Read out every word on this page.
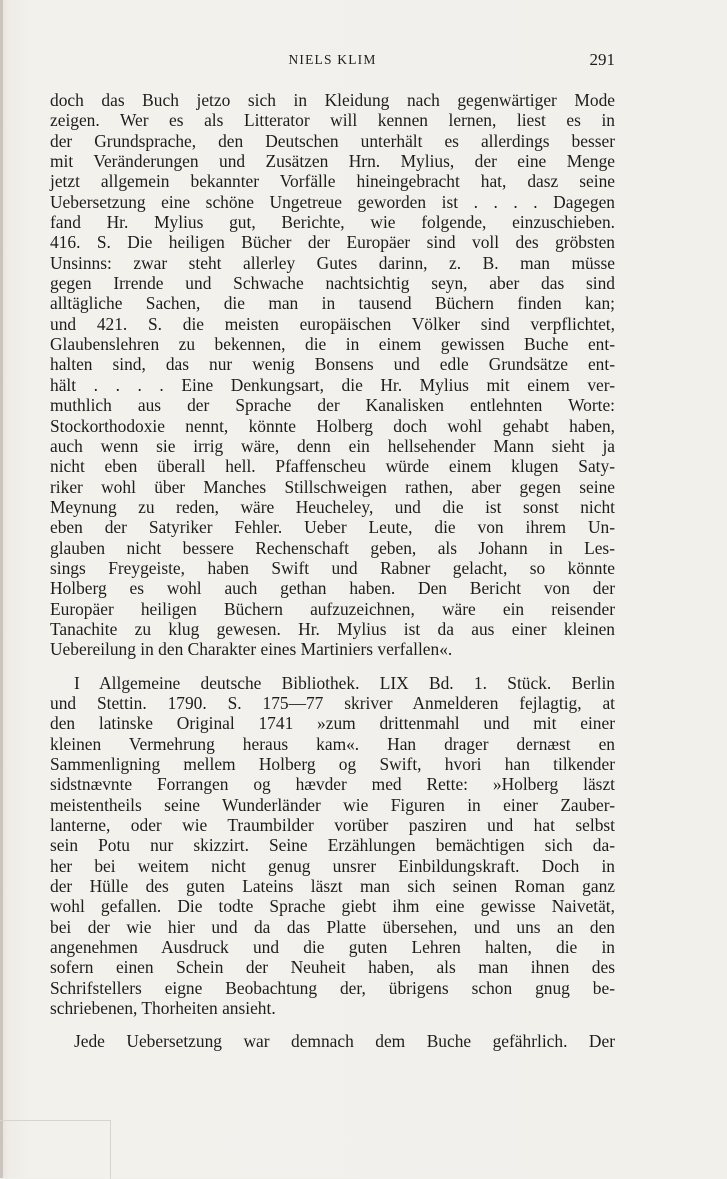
NIELS KLIM	291
doch das Buch jetzo sich in Kleidung nach gegenwärtiger Mode
zeigen. Wer es als Litterator will kennen lernen, liest es in
der Grundsprache, den Deutschen unterhält es allerdings besser
mit Veränderungen und Zusätzen Hrn. Mylius, der eine Menge
jetzt allgemein bekannter Vorfälle hineingebracht hat, dasz seine
Uebersetzung eine schöne Ungetreue geworden ist . . . . Dagegen
fand Hr. Mylius gut, Berichte, wie folgende, einzuschieben.
416. S. Die heiligen Bücher der Europäer sind voll des gröbsten
Unsinns: zwar steht allerley Gutes darinn, z. B. man müsse
gegen Irrende und Schwache nachtsichtig seyn, aber das sind
alltägliche Sachen, die man in tausend Büchern finden kan;
und 421. S. die meisten europäischen Völker sind verpflichtet,
Glaubenslehren zu bekennen, die in einem gewissen Buche ent-
halten sind, das nur wenig Bonsens und edle Grundsätze ent-
hält . . . . Eine Denkungsart, die Hr. Mylius mit einem ver-
muthlich aus der Sprache der Kanalisken entlehnten Worte:
Stockorthodoxie nennt, könnte Holberg doch wohl gehabt haben,
auch wenn sie irrig wäre, denn ein hellsehender Mann sieht ja
nicht eben überall hell. Pfaffenscheu würde einem klugen Saty-
riker wohl über Manches Stillschweigen rathen, aber gegen seine
Meynung zu reden, wäre Heucheley, und die ist sonst nicht
eben der Satyriker Fehler. Ueber Leute, die von ihrem Un-
glauben nicht bessere Rechenschaft geben, als Johann in Les-
sings Freygeiste, haben Swift und Rabner gelacht, so könnte
Holberg es wohl auch gethan haben. Den Bericht von der
Europäer heiligen Büchern aufzuzeichnen, wäre ein reisender
Tanachite zu klug gewesen. Hr. Mylius ist da aus einer kleinen
Uebereilung in den Charakter eines Martiniers verfallen«.
I Allgemeine deutsche Bibliothek. LIX Bd. 1. Stück. Berlin
und Stettin. 1790. S. 175—77 skriver Anmelderen fejlagtig, at
den latinske Original 1741 »zum drittenmahl und mit einer
kleinen Vermehrung heraus kam«. Han drager dernæst en
Sammenligning mellem Holberg og Swift, hvori han tilkender
sidstnævnte Forrangen og hævder med Rette: »Holberg läszt
meistentheils seine Wunderländer wie Figuren in einer Zauber-
lanterne, oder wie Traumbilder vorüber pasziren und hat selbst
sein Potu nur skizzirt. Seine Erzählungen bemächtigen sich da-
her bei weitem nicht genug unsrer Einbildungskraft. Doch in
der Hülle des guten Lateins läszt man sich seinen Roman ganz
wohl gefallen. Die todte Sprache giebt ihm eine gewisse Naivetät,
bei der wie hier und da das Platte übersehen, und uns an den
angenehmen Ausdruck und die guten Lehren halten, die in
sofern einen Schein der Neuheit haben, als man ihnen des
Schrifstellers eigne Beobachtung der, übrigens schon gnug be-
schriebenen, Thorheiten ansieht.
Jede Uebersetzung war demnach dem Buche gefährlich. Der
